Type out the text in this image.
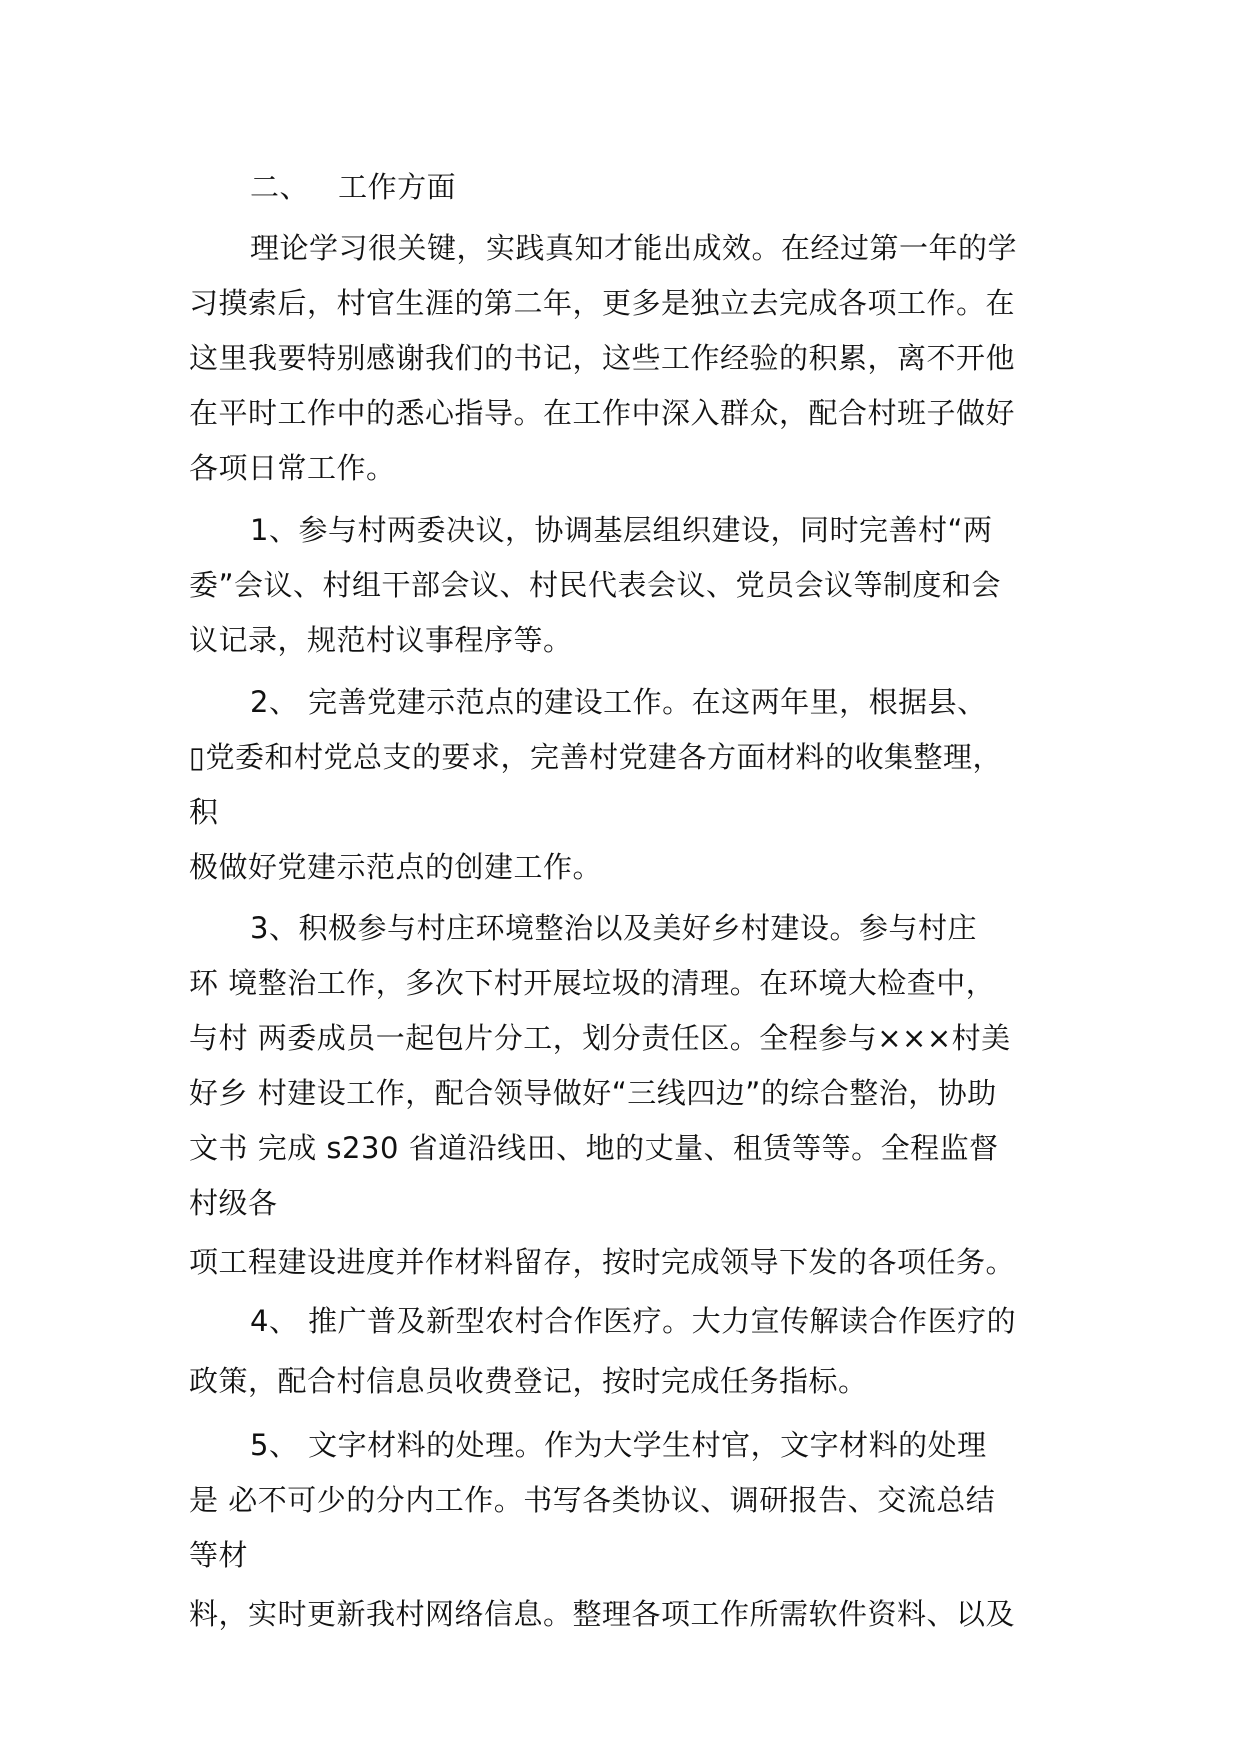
二、   工作方面

理论学习很关键，实践真知才能出成效。在经过第一年的学

习摸索后，村官生涯的第二年，更多是独立去完成各项工作。在

这里我要特别感谢我们的书记，这些工作经验的积累，离不开他

在平时工作中的悉心指导。在工作中深入群众，配合村班子做好

各项日常工作。

1、参与村两委决议，协调基层组织建设，同时完善村“两

委”会议、村组干部会议、村民代表会议、党员会议等制度和会

议记录，规范村议事程序等。

2、 完善党建示范点的建设工作。在这两年里，根据县、

▯党委和村党总支的要求，完善村党建各方面材料的收集整理，

积

极做好党建示范点的创建工作。

3、积极参与村庄环境整治以及美好乡村建设。参与村庄

环 境整治工作，多次下村开展垃圾的清理。在环境大检查中，

与村 两委成员一起包片分工，划分责任区。全程参与×××村美

好乡 村建设工作，配合领导做好“三线四边”的综合整治，协助

文书 完成 s230 省道沿线田、地的丈量、租赁等等。全程监督

村级各

项工程建设进度并作材料留存，按时完成领导下发的各项任务。

4、 推广普及新型农村合作医疗。大力宣传解读合作医疗的

政策，配合村信息员收费登记，按时完成任务指标。

5、 文字材料的处理。作为大学生村官，文字材料的处理

是 必不可少的分内工作。书写各类协议、调研报告、交流总结

等材

料，实时更新我村网络信息。整理各项工作所需软件资料、以及
